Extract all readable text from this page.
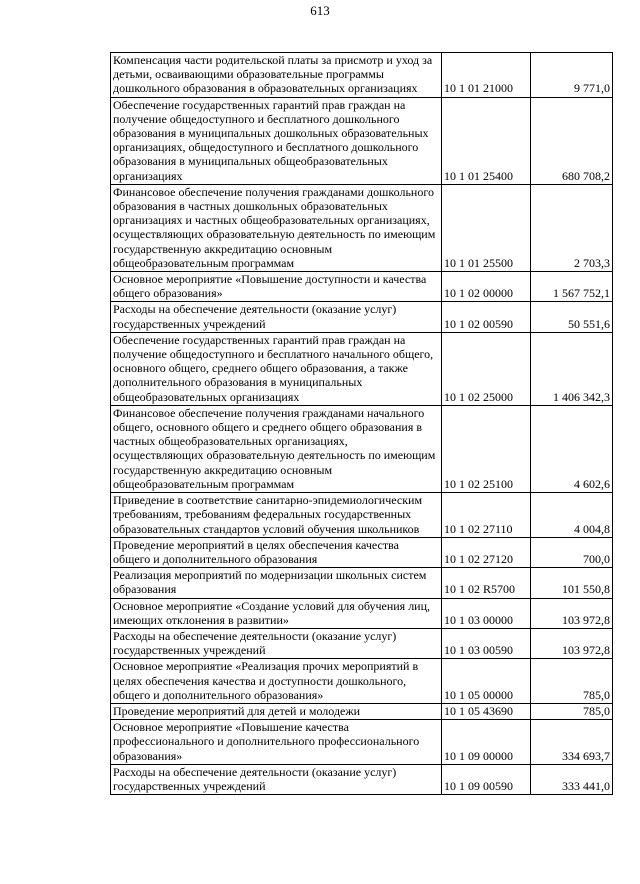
613
Компенсация части родительской платы за присмотр и уход за детьми, осваивающими образовательные программы дошкольного образования в образовательных организациях	10 1 01 21000	9 771,0
Обеспечение государственных гарантий прав граждан на получение общедоступного и бесплатного дошкольного образования в муниципальных дошкольных образовательных организациях, общедоступного и бесплатного дошкольного образования в муниципальных общеобразовательных организациях	10 1 01 25400	680 708,2
Финансовое обеспечение получения гражданами дошкольного образования в частных дошкольных образовательных организациях и частных общеобразовательных организациях, осуществляющих образовательную деятельность по имеющим государственную аккредитацию основным общеобразовательным программам	10 1 01 25500	2 703,3
Основное мероприятие «Повышение доступности и качества общего образования»	10 1 02 00000	1 567 752,1
Расходы на обеспечение деятельности (оказание услуг) государственных учреждений	10 1 02 00590	50 551,6
Обеспечение государственных гарантий прав граждан на получение общедоступного и бесплатного начального общего, основного общего, среднего общего образования, а также дополнительного образования в муниципальных общеобразовательных организациях	10 1 02 25000	1 406 342,3
Финансовое обеспечение получения гражданами начального общего, основного общего и среднего общего образования в частных общеобразовательных организациях, осуществляющих образовательную деятельность по имеющим государственную аккредитацию основным общеобразовательным программам	10 1 02 25100	4 602,6
Приведение в соответствие санитарно-эпидемиологическим требованиям, требованиям федеральных государственных образовательных стандартов условий обучения школьников	10 1 02 27110	4 004,8
Проведение мероприятий в целях обеспечения качества общего и дополнительного образования	10 1 02 27120	700,0
Реализация мероприятий по модернизации школьных систем образования	10 1 02 R5700	101 550,8
Основное мероприятие «Создание условий для обучения лиц, имеющих отклонения в развитии»	10 1 03 00000	103 972,8
Расходы на обеспечение деятельности (оказание услуг) государственных учреждений	10 1 03 00590	103 972,8
Основное мероприятие «Реализация прочих мероприятий в целях обеспечения качества и доступности дошкольного, общего и дополнительного образования»	10 1 05 00000	785,0
Проведение мероприятий для детей и молодежи	10 1 05 43690	785,0
Основное мероприятие «Повышение качества профессионального и дополнительного профессионального образования»	10 1 09 00000	334 693,7
Расходы на обеспечение деятельности (оказание услуг) государственных учреждений	10 1 09 00590	333 441,0
